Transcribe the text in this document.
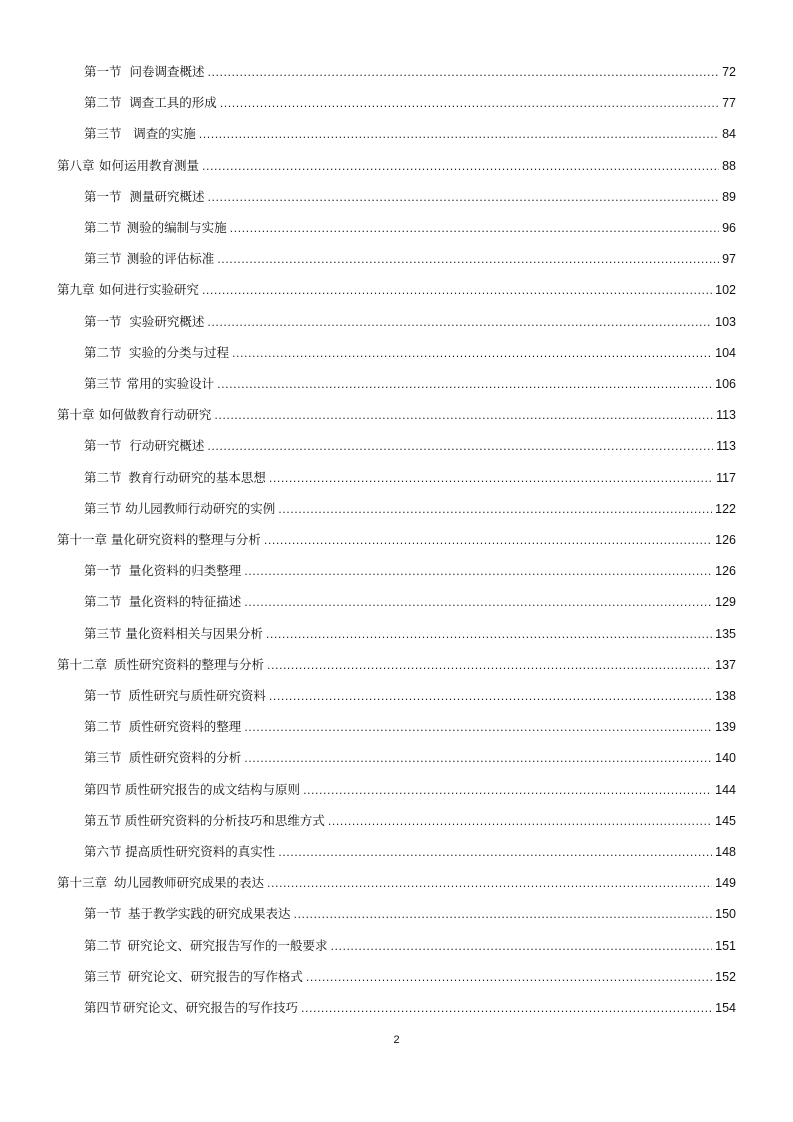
第一节 问卷调查概述 .....	72
第二节 调查工具的形成 .....	77
第三节 调查的实施 .....	84
第八章 如何运用教育测量 .....	88
第一节 测量研究概述 .....	89
第二节 测验的编制与实施 .....	96
第三节 测验的评估标准 .....	97
第九章 如何进行实验研究 .....	102
第一节 实验研究概述 .....	103
第二节 实验的分类与过程 .....	104
第三节 常用的实验设计 .....	106
第十章 如何做教育行动研究 .....	113
第一节 行动研究概述 .....	113
第二节 教育行动研究的基本思想 .....	117
第三节 幼儿园教师行动研究的实例 .....	122
第十一章 量化研究资料的整理与分析 .....	126
第一节 量化资料的归类整理 .....	126
第二节 量化资料的特征描述 .....	129
第三节 量化资料相关与因果分析 .....	135
第十二章 质性研究资料的整理与分析 .....	137
第一节 质性研究与质性研究资料 .....	138
第二节 质性研究资料的整理 .....	139
第三节 质性研究资料的分析 .....	140
第四节 质性研究报告的成文结构与原则 .....	144
第五节 质性研究资料的分析技巧和思维方式 .....	145
第六节 提高质性研究资料的真实性 .....	148
第十三章 幼儿园教师研究成果的表达 .....	149
第一节 基于教学实践的研究成果表达 .....	150
第二节 研究论文、研究报告写作的一般要求 .....	151
第三节 研究论文、研究报告的写作格式 .....	152
第四节 研究论文、研究报告的写作技巧 .....	154
2
